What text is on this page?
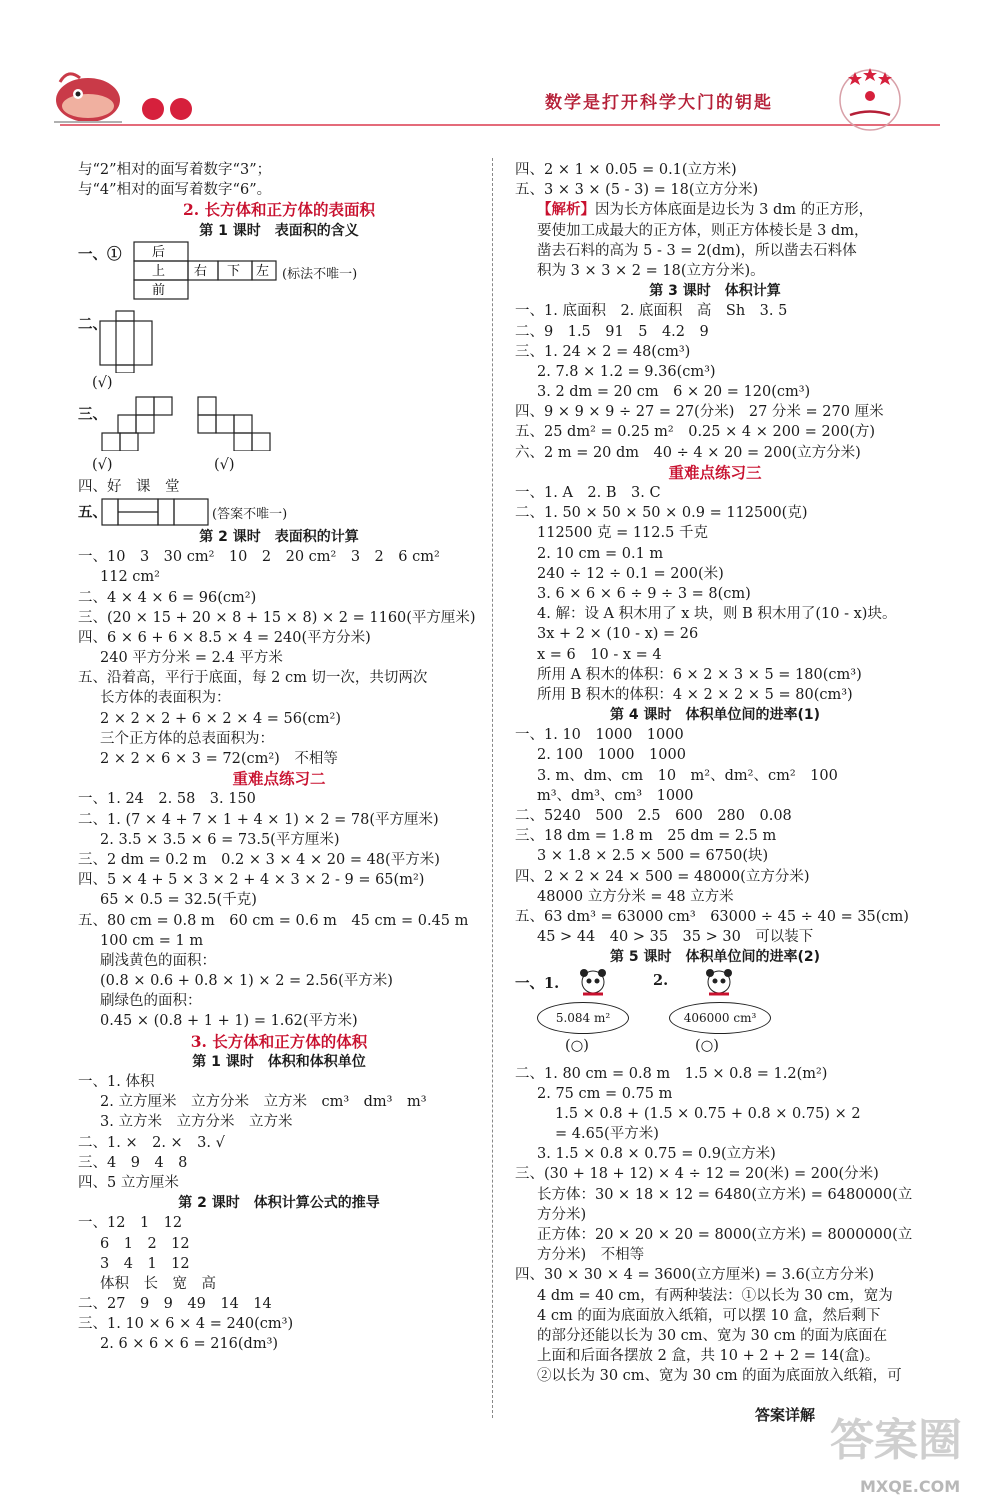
数学是打开科学大门的钥匙
与“2”相对的面写着数字“3”；
与“4”相对的面写着数字“6”。
2. 长方体和正方体的表面积
第 1 课时　表面积的含义
一、① 后
上 右 下 左
前
(标法不唯一)
二、
(√)
三、
(√)	(√)
四、好　课　堂
五、	(答案不唯一)
第 2 课时　表面积的计算
一、10　3　30 cm²　10　2　20 cm²　3　2　6 cm²
112 cm²
二、4 × 4 × 6 = 96(cm²)
三、(20 × 15 + 20 × 8 + 15 × 8) × 2 = 1160(平方厘米)
四、6 × 6 + 6 × 8.5 × 4 = 240(平方分米)
240 平方分米 = 2.4 平方米
五、沿着高，平行于底面，每 2 cm 切一次，共切两次
长方体的表面积为：
2 × 2 × 2 + 6 × 2 × 4 = 56(cm²)
三个正方体的总表面积为：
2 × 2 × 6 × 3 = 72(cm²)　不相等
重难点练习二
一、1. 24　2. 58　3. 150
二、1. (7 × 4 + 7 × 1 + 4 × 1) × 2 = 78(平方厘米)
2. 3.5 × 3.5 × 6 = 73.5(平方厘米)
三、2 dm = 0.2 m　0.2 × 3 × 4 × 20 = 48(平方米)
四、5 × 4 + 5 × 3 × 2 + 4 × 3 × 2 - 9 = 65(m²)
65 × 0.5 = 32.5(千克)
五、80 cm = 0.8 m　60 cm = 0.6 m　45 cm = 0.45 m
100 cm = 1 m
刷浅黄色的面积：
(0.8 × 0.6 + 0.8 × 1) × 2 = 2.56(平方米)
刷绿色的面积：
0.45 × (0.8 + 1 + 1) = 1.62(平方米)
3. 长方体和正方体的体积
第 1 课时　体积和体积单位
一、1. 体积
2. 立方厘米　立方分米　立方米　cm³　dm³　m³
3. 立方米　立方分米　立方米
二、1. ×　2. ×　3. √
三、4　9　4　8
四、5 立方厘米
第 2 课时　体积计算公式的推导
一、12　1　12
6　1　2　12
3　4　1　12
体积　长　宽　高
二、27　9　9　49　14　14
三、1. 10 × 6 × 4 = 240(cm³)
2. 6 × 6 × 6 = 216(dm³)
四、2 × 1 × 0.05 = 0.1(立方米)
五、3 × 3 × (5 - 3) = 18(立方分米)
【解析】因为长方体底面是边长为 3 dm 的正方形，
要使加工成最大的正方体，则正方体棱长是 3 dm，
凿去石料的高为 5 - 3 = 2(dm)，所以凿去石料体
积为 3 × 3 × 2 = 18(立方分米)。
第 3 课时　体积计算
一、1. 底面积　2. 底面积　高　Sh　3. 5
二、9　1.5　91　5　4.2　9
三、1. 24 × 2 = 48(cm³)
2. 7.8 × 1.2 = 9.36(cm³)
3. 2 dm = 20 cm　6 × 20 = 120(cm³)
四、9 × 9 × 9 ÷ 27 = 27(分米)　27 分米 = 270 厘米
五、25 dm² = 0.25 m²　0.25 × 4 × 200 = 200(方)
六、2 m = 20 dm　40 ÷ 4 × 20 = 200(立方分米)
重难点练习三
一、1. A　2. B　3. C
二、1. 50 × 50 × 50 × 0.9 = 112500(克)
112500 克 = 112.5 千克
2. 10 cm = 0.1 m
240 ÷ 12 ÷ 0.1 = 200(米)
3. 6 × 6 × 6 ÷ 9 ÷ 3 = 8(cm)
4. 解：设 A 积木用了 x 块，则 B 积木用了(10 - x)块。
3x + 2 × (10 - x) = 26
x = 6　10 - x = 4
所用 A 积木的体积：6 × 2 × 3 × 5 = 180(cm³)
所用 B 积木的体积：4 × 2 × 2 × 5 = 80(cm³)
第 4 课时　体积单位间的进率(1)
一、1. 10　1000　1000
2. 100　1000　1000
3. m、dm、cm　10　m²、dm²、cm²　100
m³、dm³、cm³　1000
二、5240　500　2.5　600　280　0.08
三、18 dm = 1.8 m　25 dm = 2.5 m
3 × 1.8 × 2.5 × 500 = 6750(块)
四、2 × 2 × 24 × 500 = 48000(立方分米)
48000 立方分米 = 48 立方米
五、63 dm³ = 63000 cm³　63000 ÷ 45 ÷ 40 = 35(cm)
45 > 44　40 > 35　35 > 30　可以装下
第 5 课时　体积单位间的进率(2)
一、1.	2.
5.084 m²	406000 cm³
(○)	(○)
二、1. 80 cm = 0.8 m　1.5 × 0.8 = 1.2(m²)
2. 75 cm = 0.75 m
1.5 × 0.8 + (1.5 × 0.75 + 0.8 × 0.75) × 2
= 4.65(平方米)
3. 1.5 × 0.8 × 0.75 = 0.9(立方米)
三、(30 + 18 + 12) × 4 ÷ 12 = 20(米) = 200(分米)
长方体：30 × 18 × 12 = 6480(立方米) = 6480000(立
方分米)
正方体：20 × 20 × 20 = 8000(立方米) = 8000000(立
方分米)　不相等
四、30 × 30 × 4 = 3600(立方厘米) = 3.6(立方分米)
4 dm = 40 cm，有两种装法：①以长为 30 cm，宽为
4 cm 的面为底面放入纸箱，可以摆 10 盒，然后剩下
的部分还能以长为 30 cm、宽为 30 cm 的面为底面在
上面和后面各摆放 2 盒，共 10 + 2 + 2 = 14(盒)。
②以长为 30 cm、宽为 30 cm 的面为底面放入纸箱，可
答案详解 答案圈
MXQE.COM
